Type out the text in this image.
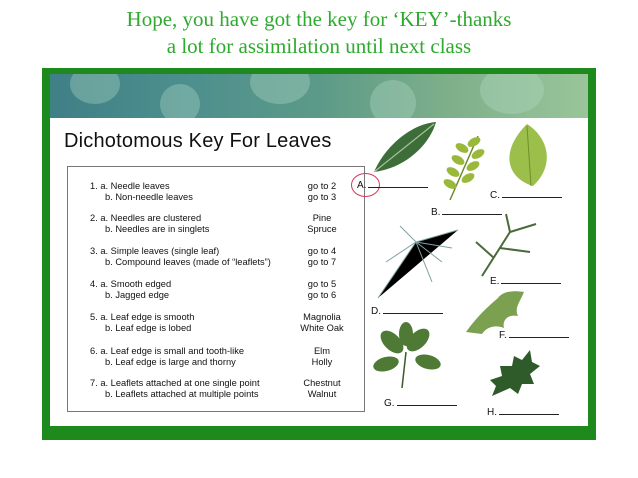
Hope, you have got the key for ‘KEY’-thanks
a lot for assimilation until next class
Dichotomous Key For Leaves
1. a. Needle leaves	go to 2
b. Non-needle leaves	go to 3
2. a. Needles are clustered	Pine
b. Needles are in singlets	Spruce
3. a. Simple leaves (single leaf)	go to 4
b. Compound leaves (made of “leaflets”)	go to 7
4. a. Smooth edged	go to 5
b. Jagged edge	go to 6
5. a. Leaf edge is smooth	Magnolia
b. Leaf edge is lobed	White Oak
6. a. Leaf edge is small and tooth-like	Elm
b. Leaf edge is large and thorny	Holly
7. a. Leaflets attached at one single point	Chestnut
b. Leaflets attached at multiple points	Walnut
A.
B.
C.
D.
E.
F.
G.
H.
